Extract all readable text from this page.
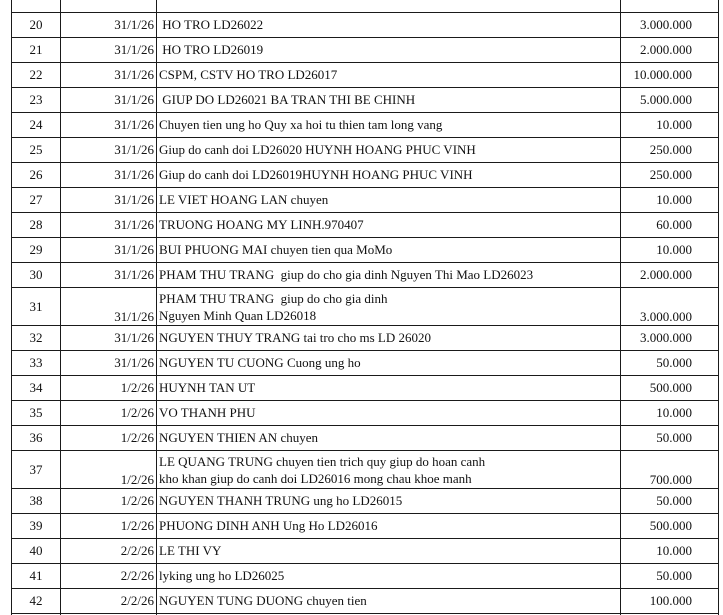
20	31/1/26	HO TRO LD26022	3.000.000
21	31/1/26	HO TRO LD26019	2.000.000
22	31/1/26	CSPM, CSTV HO TRO LD26017	10.000.000
23	31/1/26	GIUP DO LD26021 BA TRAN THI BE CHINH	5.000.000
24	31/1/26	Chuyen tien ung ho Quy xa hoi tu thien tam long vang	10.000
25	31/1/26	Giup do canh doi LD26020 HUYNH HOANG PHUC VINH	250.000
26	31/1/26	Giup do canh doi LD26019HUYNH HOANG PHUC VINH	250.000
27	31/1/26	LE VIET HOANG LAN chuyen	10.000
28	31/1/26	TRUONG HOANG MY LINH.970407	60.000
29	31/1/26	BUI PHUONG MAI chuyen tien qua MoMo	10.000
30	31/1/26	PHAM THU TRANG  giup do cho gia dinh Nguyen Thi Mao LD26023	2.000.000
31	31/1/26	PHAM THU TRANG  giup do cho gia dinh
Nguyen Minh Quan LD26018	3.000.000
32	31/1/26	NGUYEN THUY TRANG tai tro cho ms LD 26020	3.000.000
33	31/1/26	NGUYEN TU CUONG Cuong ung ho	50.000
34	1/2/26	HUYNH TAN UT	500.000
35	1/2/26	VO THANH PHU	10.000
36	1/2/26	NGUYEN THIEN AN chuyen	50.000
37	1/2/26	LE QUANG TRUNG chuyen tien trich quy giup do hoan canh
kho khan giup do canh doi LD26016 mong chau khoe manh	700.000
38	1/2/26	NGUYEN THANH TRUNG ung ho LD26015	50.000
39	1/2/26	PHUONG DINH ANH Ung Ho LD26016	500.000
40	2/2/26	LE THI VY	10.000
41	2/2/26	lyking ung ho LD26025	50.000
42	2/2/26	NGUYEN TUNG DUONG chuyen tien	100.000
